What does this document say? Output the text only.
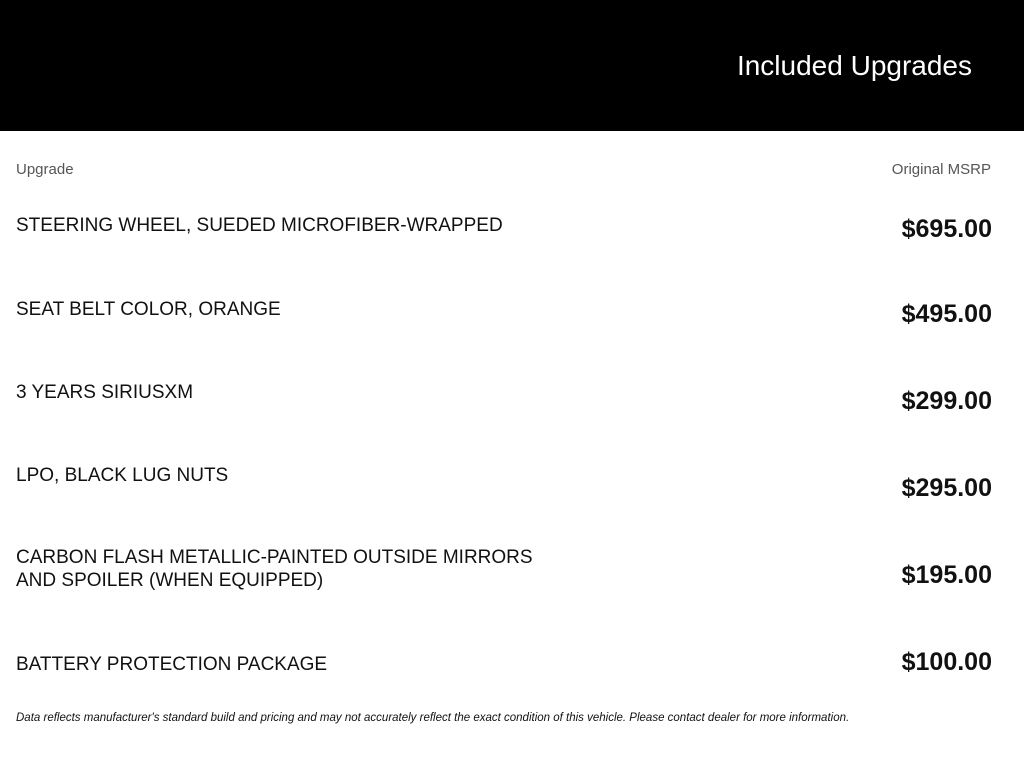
Included Upgrades
Upgrade	Original MSRP
STEERING WHEEL, SUEDED MICROFIBER-WRAPPED	$695.00
SEAT BELT COLOR, ORANGE	$495.00
3 YEARS SIRIUSXM	$299.00
LPO, BLACK LUG NUTS	$295.00
CARBON FLASH METALLIC-PAINTED OUTSIDE MIRRORS
AND SPOILER (WHEN EQUIPPED)	$195.00
BATTERY PROTECTION PACKAGE	$100.00
Data reflects manufacturer's standard build and pricing and may not accurately reflect the exact condition of this vehicle. Please contact dealer for more information.
